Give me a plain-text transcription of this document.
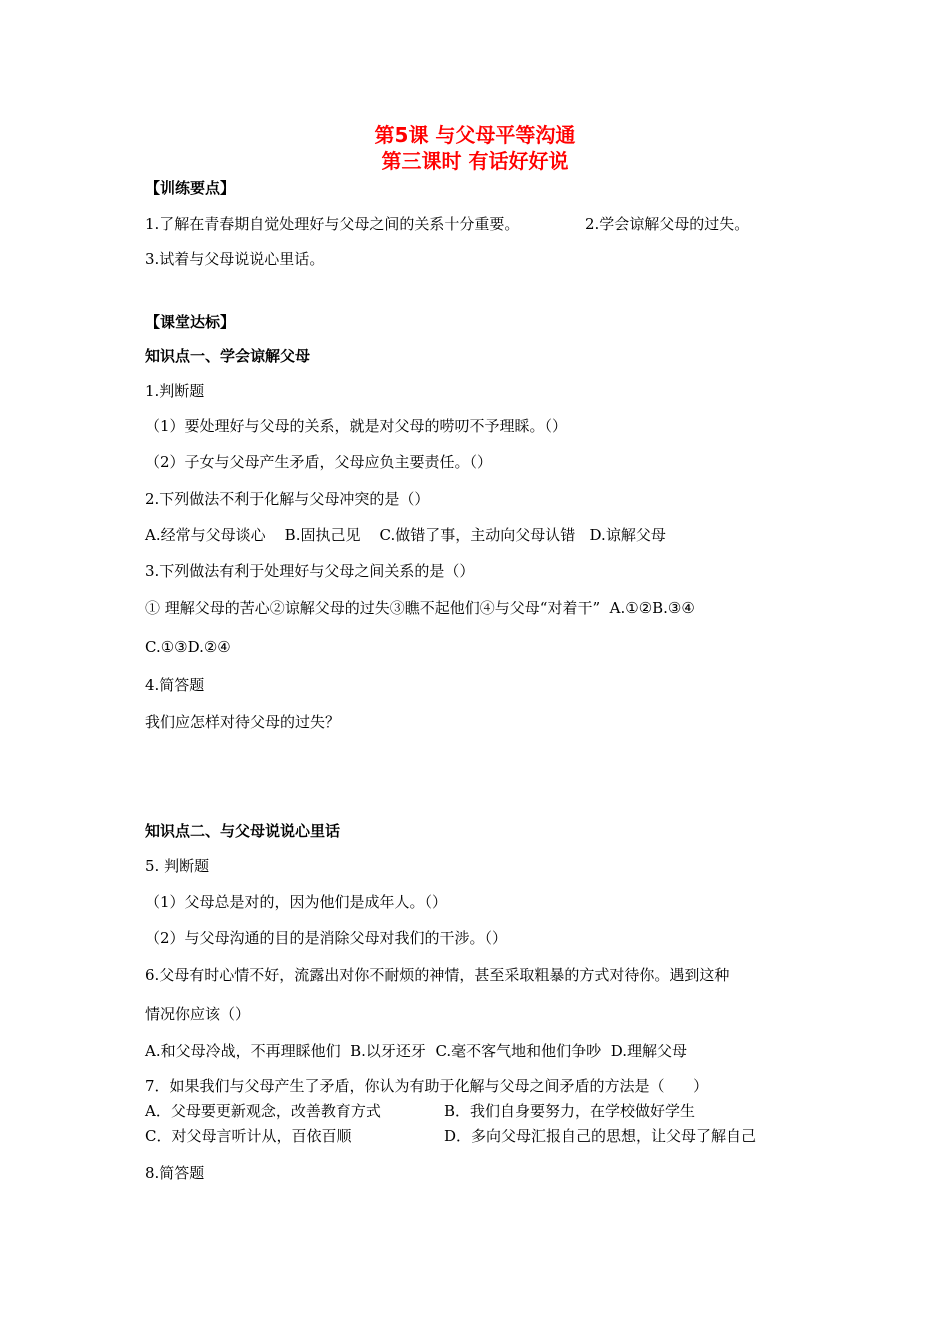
第5课 与父母平等沟通
第三课时 有话好好说
【训练要点】
1.了解在青春期自觉处理好与父母之间的关系十分重要。	2.学会谅解父母的过失。
3.试着与父母说说心里话。
【课堂达标】
知识点一、学会谅解父母
1.判断题
（1）要处理好与父母的关系，就是对父母的唠叨不予理睬。（）
（2）子女与父母产生矛盾，父母应负主要责任。（）
2.下列做法不利于化解与父母冲突的是（）
A.经常与父母谈心    B.固执己见    C.做错了事，主动向父母认错   D.谅解父母
3.下列做法有利于处理好与父母之间关系的是（）
① 理解父母的苦心②谅解父母的过失③瞧不起他们④与父母“对着干”  A.①②B.③④
C.①③D.②④
4.简答题
我们应怎样对待父母的过失？
知识点二、与父母说说心里话
5. 判断题
（1）父母总是对的，因为他们是成年人。（）
（2）与父母沟通的目的是消除父母对我们的干涉。（）
6.父母有时心情不好，流露出对你不耐烦的神情，甚至采取粗暴的方式对待你。遇到这种
情况你应该（）
A.和父母冷战，不再理睬他们  B.以牙还牙  C.毫不客气地和他们争吵  D.理解父母
7．如果我们与父母产生了矛盾，你认为有助于化解与父母之间矛盾的方法是（      ）
A．父母要更新观念，改善教育方式	B．我们自身要努力，在学校做好学生
C．对父母言听计从，百依百顺	D．多向父母汇报自己的思想，让父母了解自己
8.简答题
